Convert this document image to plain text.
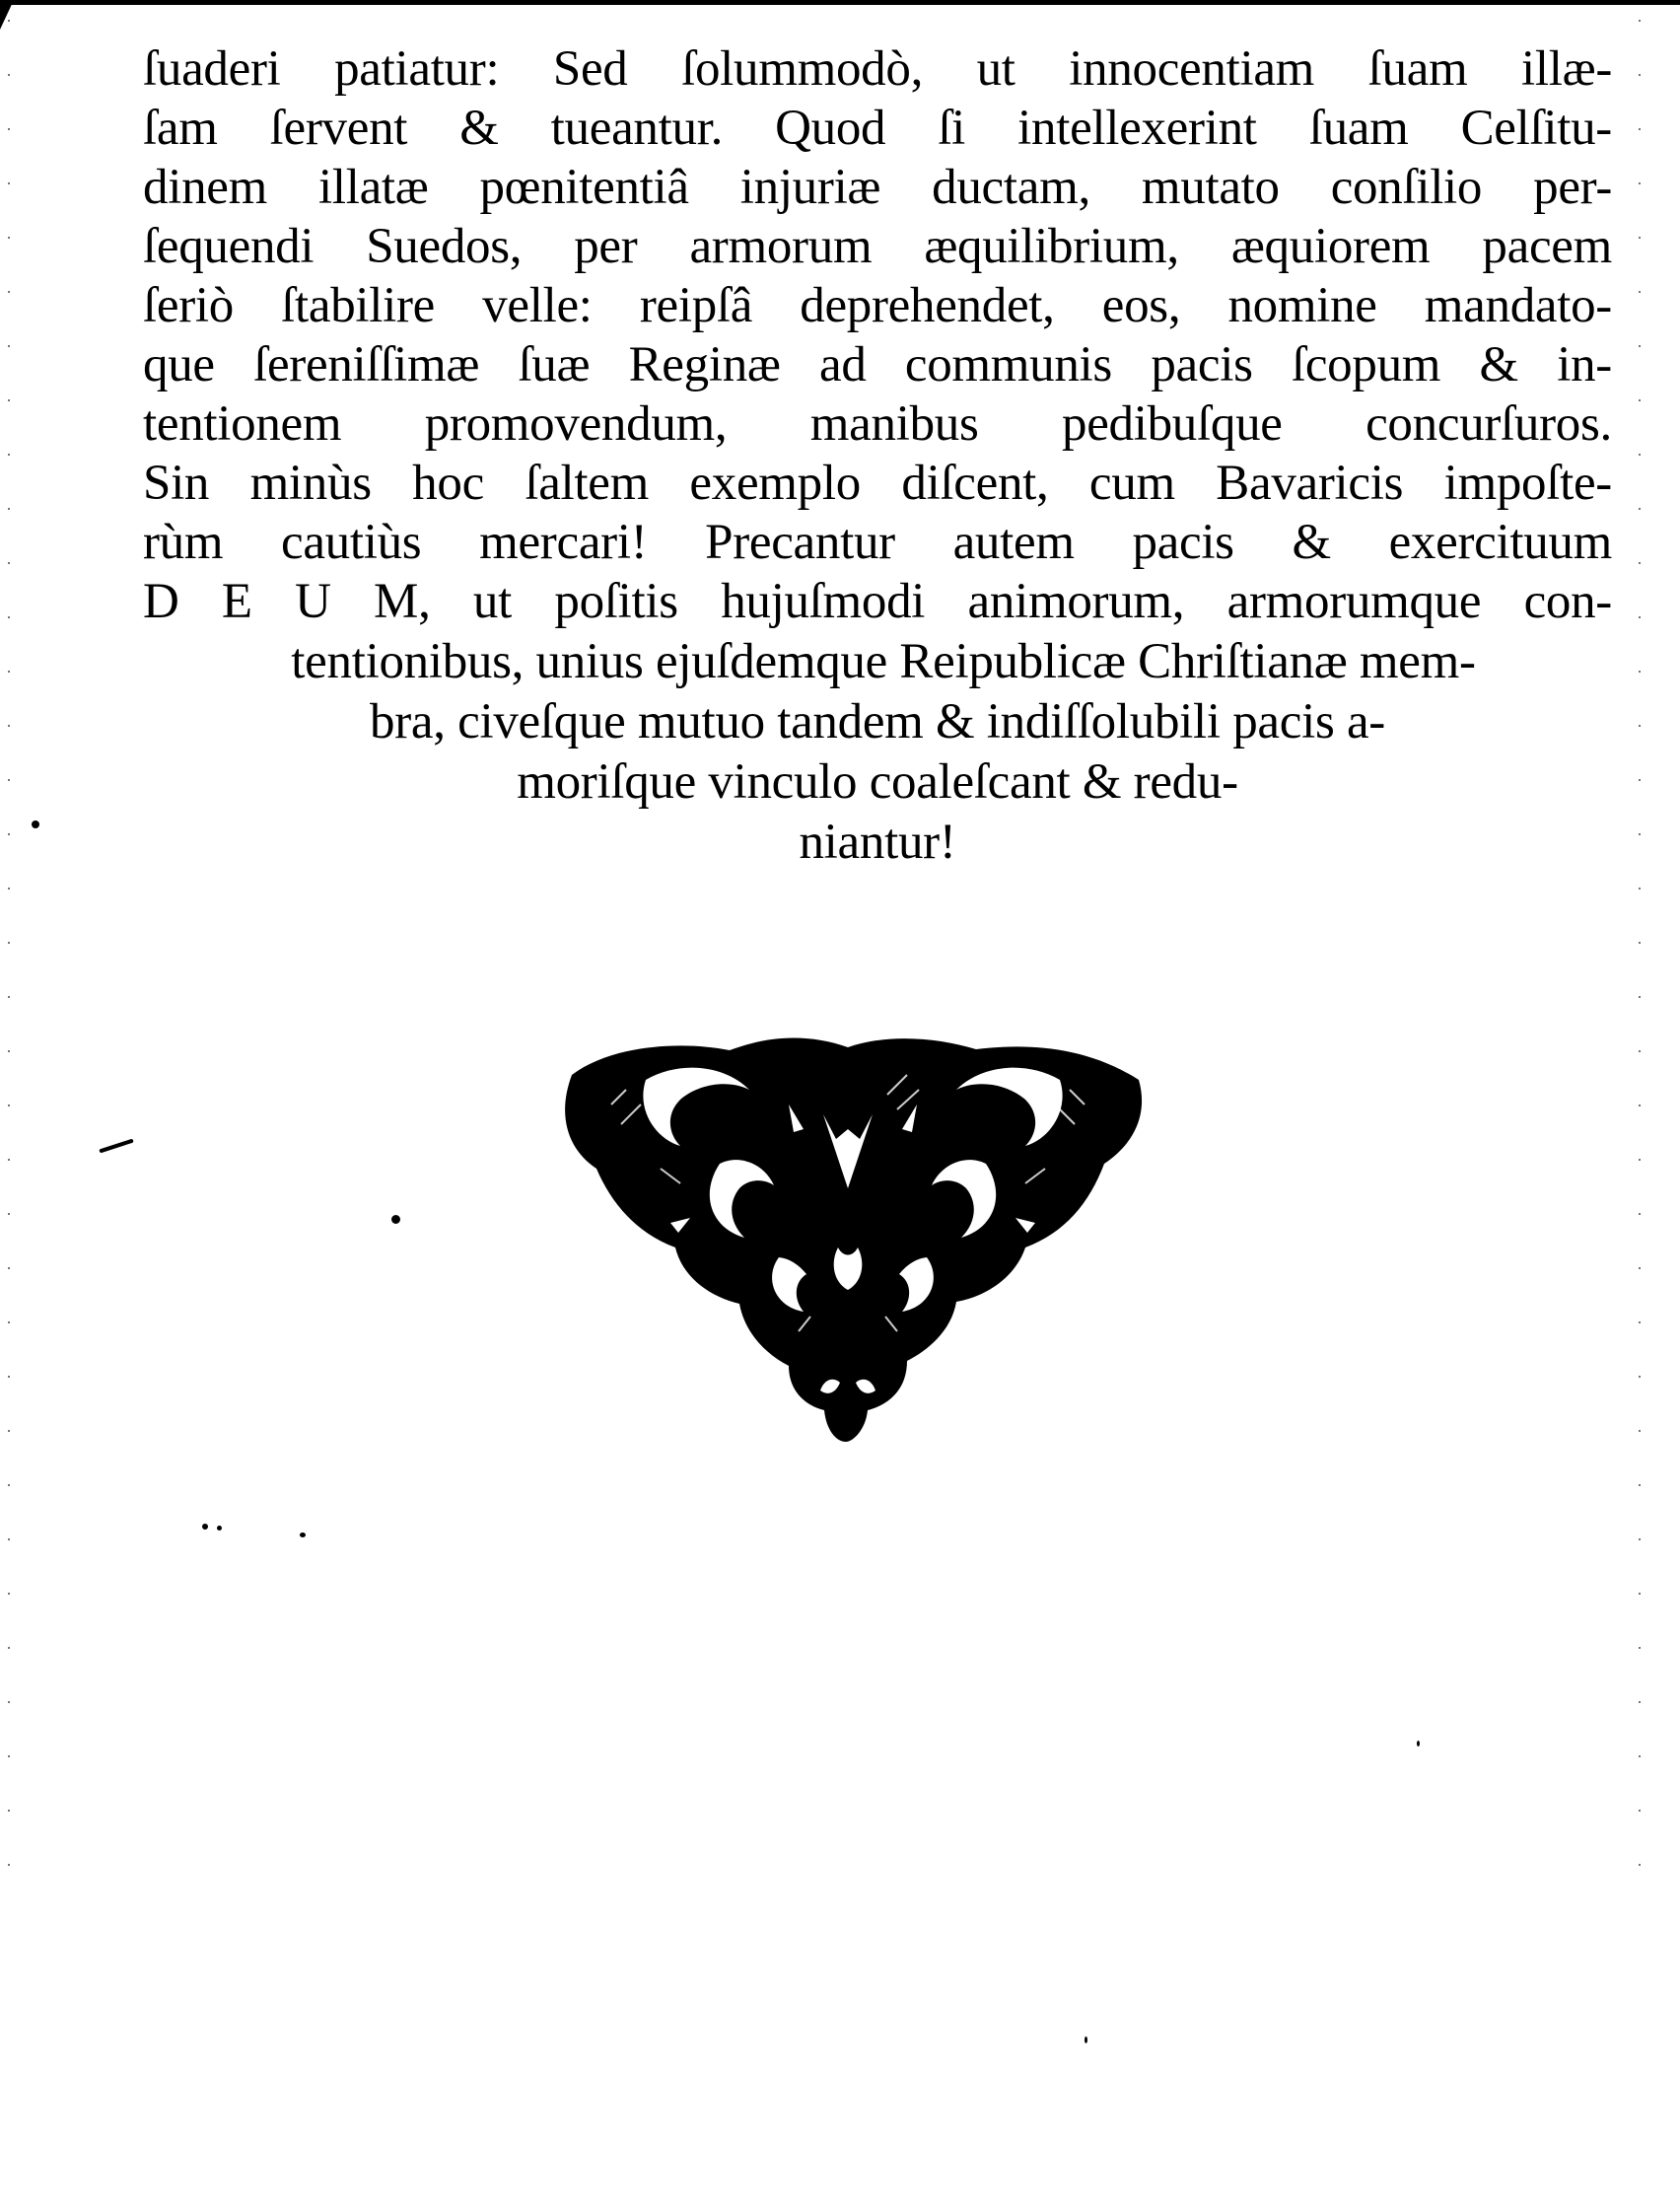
ſuaderi patiatur: Sed ſolummodò, ut innocentiam ſuam illæ-
ſam ſervent & tueantur. Quod ſi intellexerint ſuam Celſitu-
dinem illatæ pœnitentiâ injuriæ ductam, mutato conſilio per-
ſequendi Suedos, per armorum æquilibrium, æquiorem pacem
ſeriò ſtabilire velle: reipſâ deprehendet, eos, nomine mandato-
que ſereniſſimæ ſuæ Reginæ ad communis pacis ſcopum & in-
tentionem promovendum, manibus pedibuſque concurſuros.
Sin minùs hoc ſaltem exemplo diſcent, cum Bavaricis impoſte-
rùm cautiùs mercari! Precantur autem pacis & exercituum
D E U M, ut poſitis hujuſmodi animorum, armorumque con-
tentionibus, unius ejuſdemque Reipublicæ Chriſtianæ mem-
bra, civeſque mutuo tandem & indiſſolubili pacis a-
moriſque vinculo coaleſcant & redu-
niantur!
